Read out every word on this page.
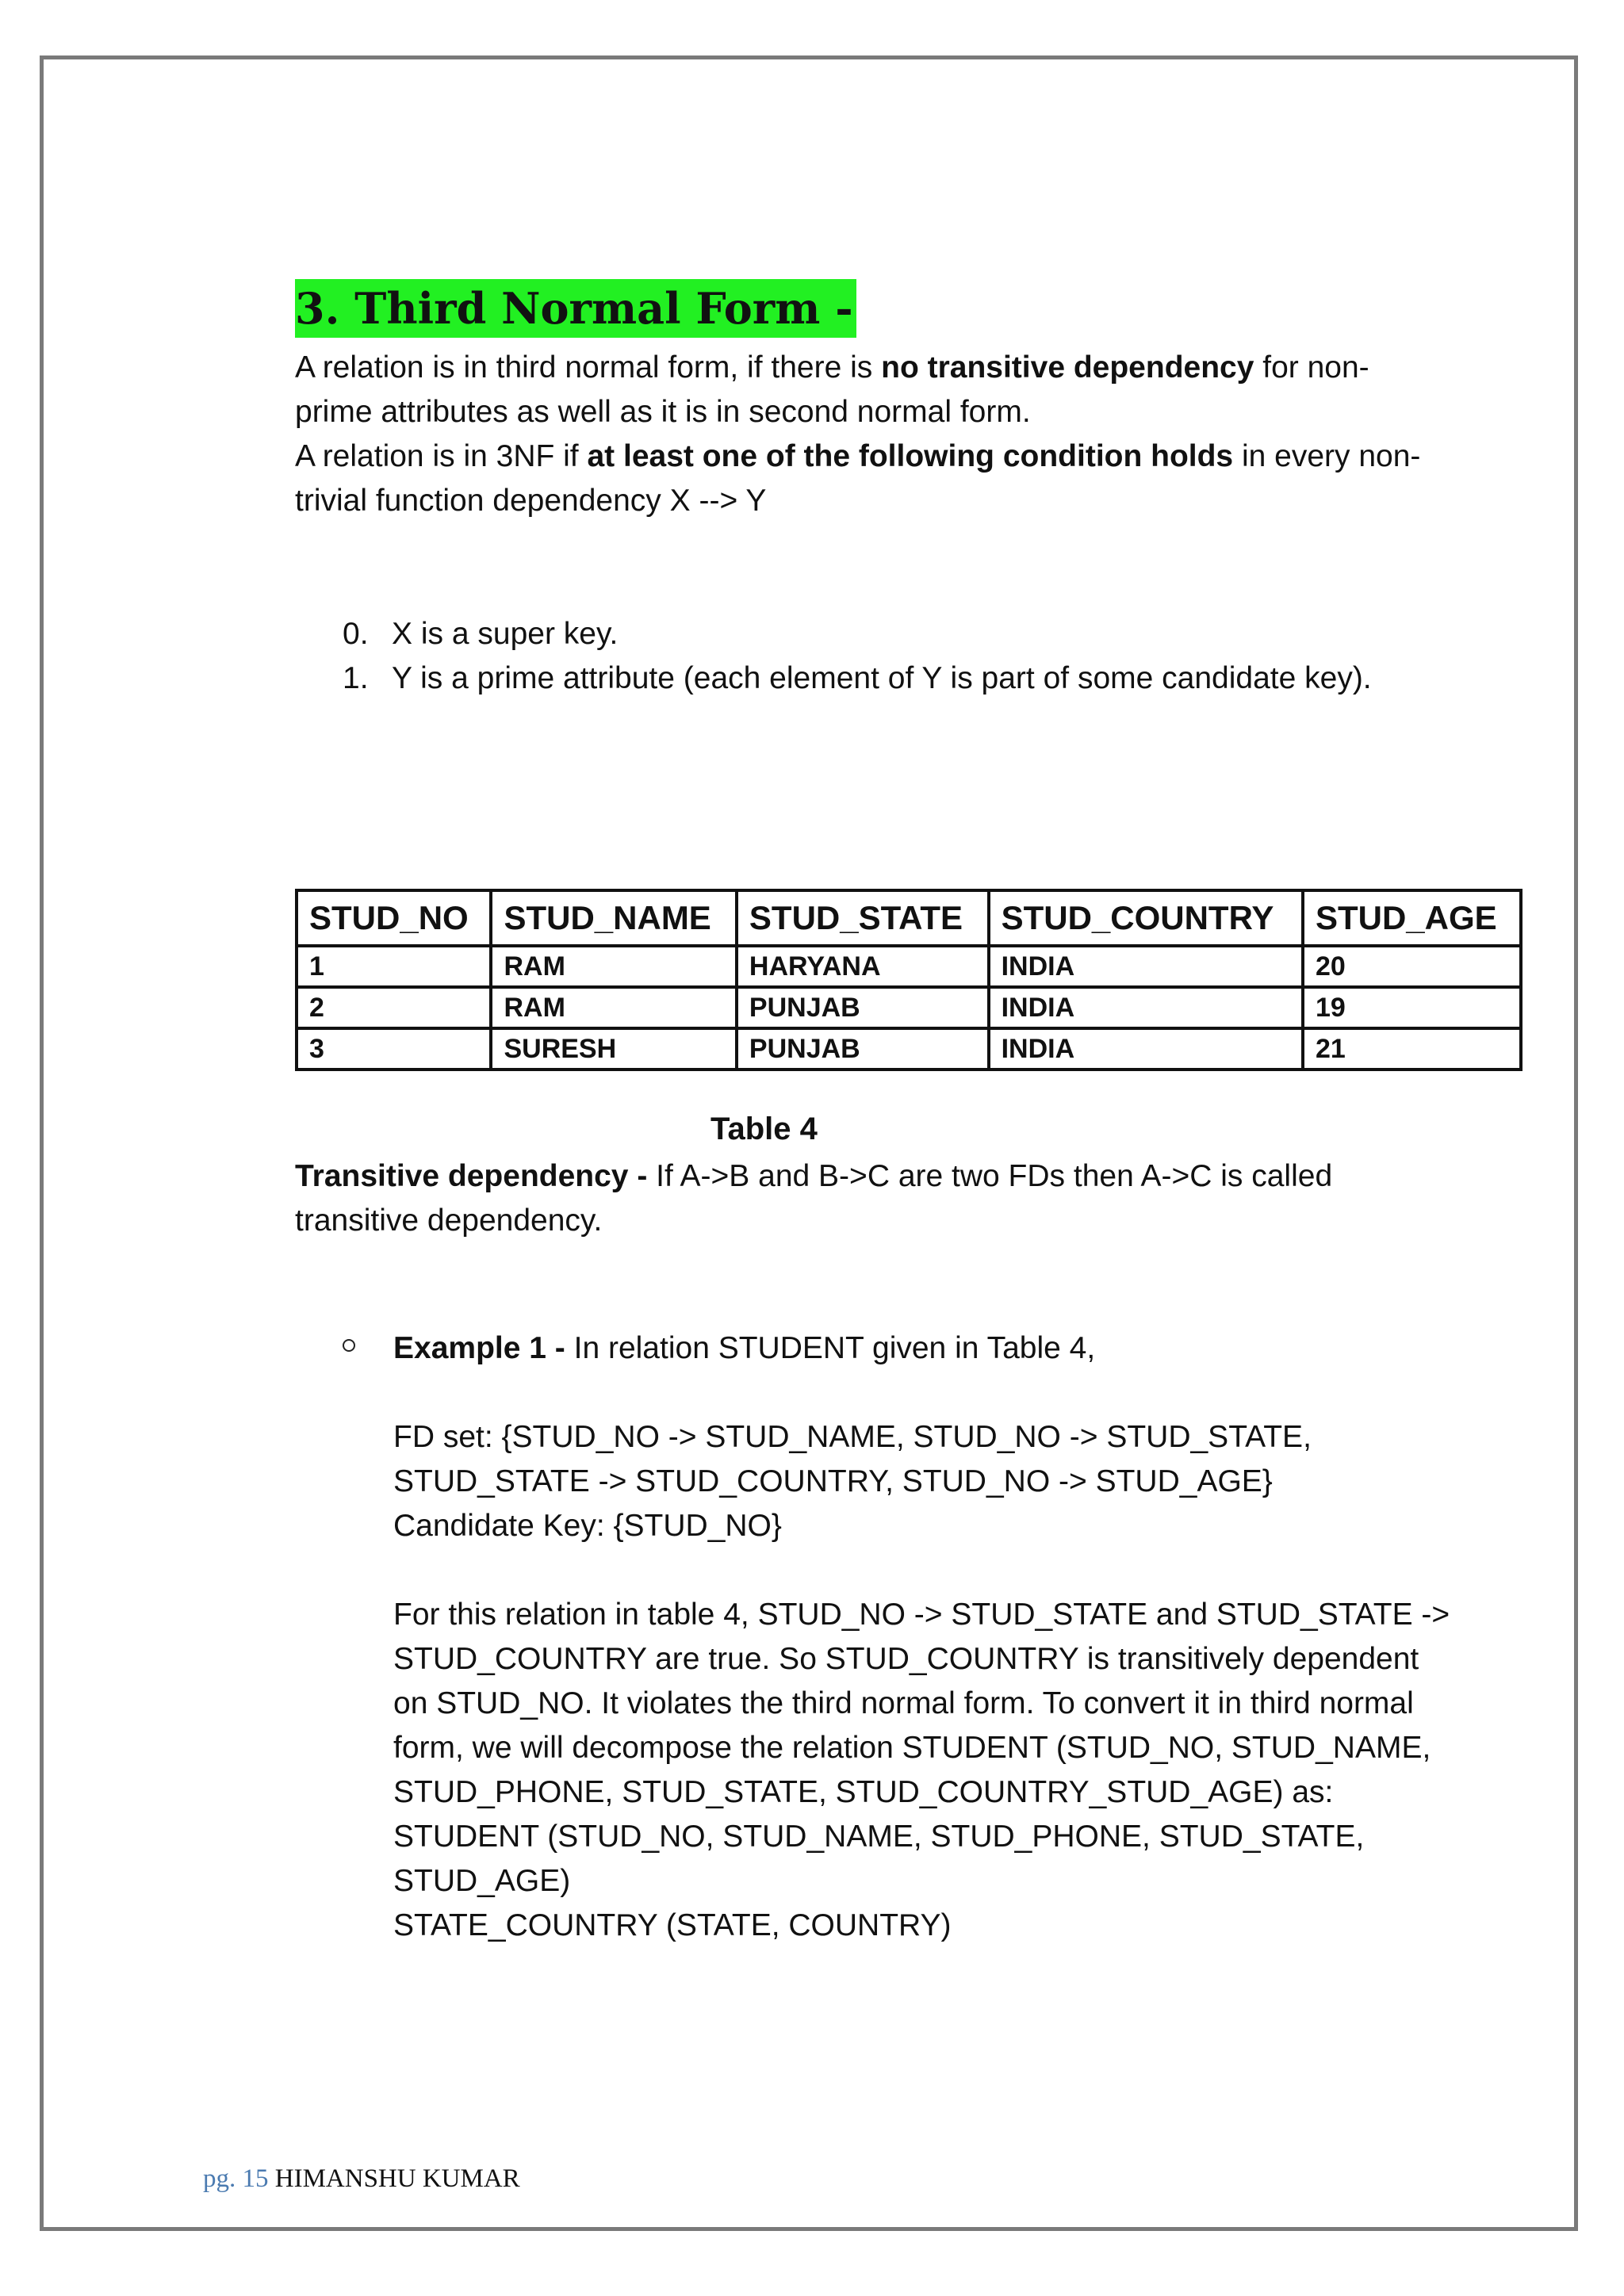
3. Third Normal Form -

A relation is in third normal form, if there is no transitive dependency for non-prime attributes as well as it is in second normal form.
A relation is in 3NF if at least one of the following condition holds in every non-trivial function dependency X --> Y

0. X is a super key.
1. Y is a prime attribute (each element of Y is part of some candidate key).
STUD_NO	STUD_NAME	STUD_STATE	STUD_COUNTRY	STUD_AGE
1	RAM	HARYANA	INDIA	20
2	RAM	PUNJAB	INDIA	19
3	SURESH	PUNJAB	INDIA	21
Table 4

Transitive dependency - If A->B and B->C are two FDs then A->C is called transitive dependency.

Example 1 - In relation STUDENT given in Table 4,

FD set: {STUD_NO -> STUD_NAME, STUD_NO -> STUD_STATE,

STUD_STATE -> STUD_COUNTRY, STUD_NO -> STUD_AGE}

Candidate Key: {STUD_NO}

For this relation in table 4, STUD_NO -> STUD_STATE and STUD_STATE -> STUD_COUNTRY are true. So STUD_COUNTRY is transitively dependent on STUD_NO. It violates the third normal form. To convert it in third normal form, we will decompose the relation STUDENT (STUD_NO, STUD_NAME, STUD_PHONE, STUD_STATE, STUD_COUNTRY_STUD_AGE) as:

STUDENT (STUD_NO, STUD_NAME, STUD_PHONE, STUD_STATE, STUD_AGE)

STATE_COUNTRY (STATE, COUNTRY)

pg. 15 HIMANSHU KUMAR
